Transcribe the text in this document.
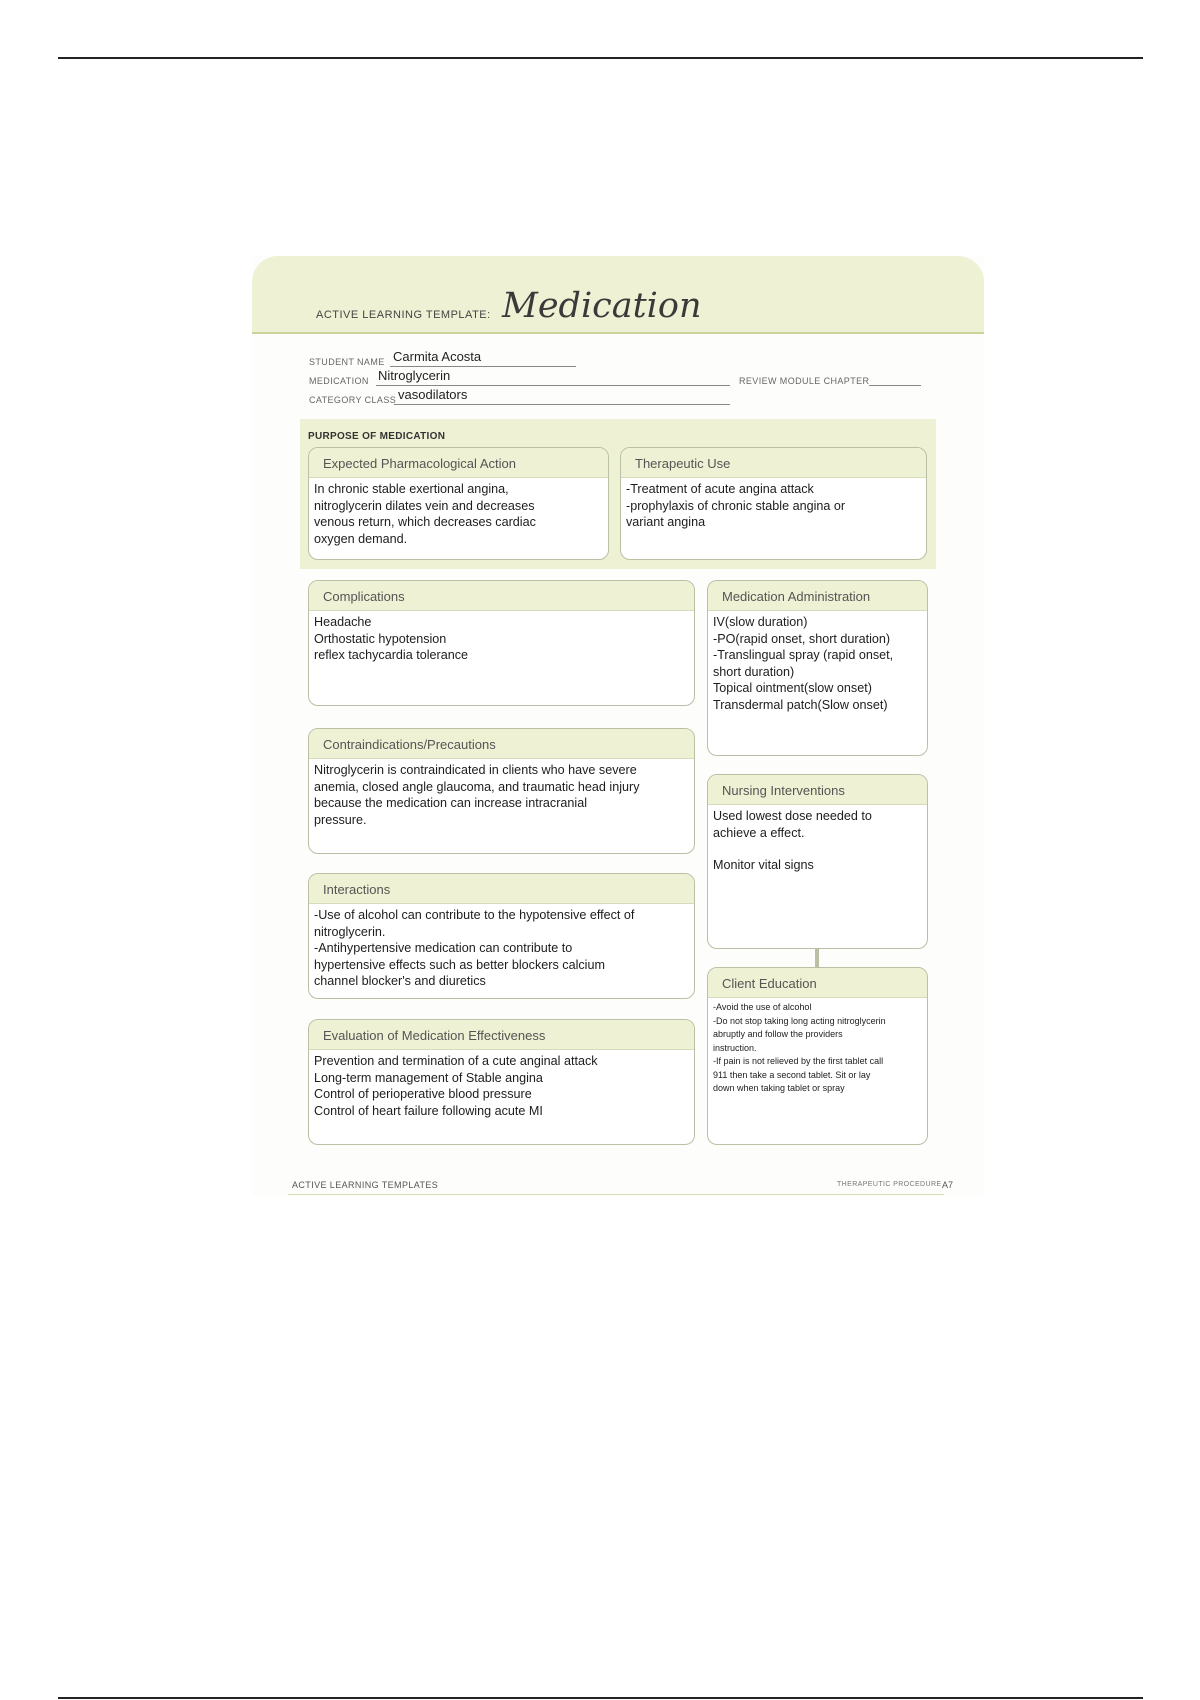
ACTIVE LEARNING TEMPLATE: Medication
STUDENT NAME Carmita Acosta
MEDICATION Nitroglycerin	REVIEW MODULE CHAPTER
CATEGORY CLASS vasodilators
PURPOSE OF MEDICATION
Expected Pharmacological Action
In chronic stable exertional angina,
nitroglycerin dilates vein and decreases
venous return, which decreases cardiac
oxygen demand.
Therapeutic Use
-Treatment of acute angina attack
-prophylaxis of chronic stable angina or
variant angina
Complications
Headache
Orthostatic hypotension
reflex tachycardia tolerance
Contraindications/Precautions
Nitroglycerin is contraindicated in clients who have severe
anemia, closed angle glaucoma, and traumatic head injury
because the medication can increase intracranial
pressure.
Interactions
-Use of alcohol can contribute to the hypotensive effect of
nitroglycerin.
-Antihypertensive medication can contribute to
hypertensive effects such as better blockers calcium
channel blocker's and diuretics
Evaluation of Medication Effectiveness
Prevention and termination of a cute anginal attack
Long-term management of Stable angina
Control of perioperative blood pressure
Control of heart failure following acute MI
Medication Administration
IV(slow duration)
-PO(rapid onset, short duration)
-Translingual spray (rapid onset,
short duration)
Topical ointment(slow onset)
Transdermal patch(Slow onset)
Nursing Interventions
Used lowest dose needed to
achieve a effect.
Monitor vital signs
Client Education
-Avoid the use of alcohol
-Do not stop taking long acting nitroglycerin
abruptly and follow the providers
instruction.
-If pain is not relieved by the first tablet call
911 then take a second tablet. Sit or lay
down when taking tablet or spray
ACTIVE LEARNING TEMPLATES	THERAPEUTIC PROCEDURE A7
